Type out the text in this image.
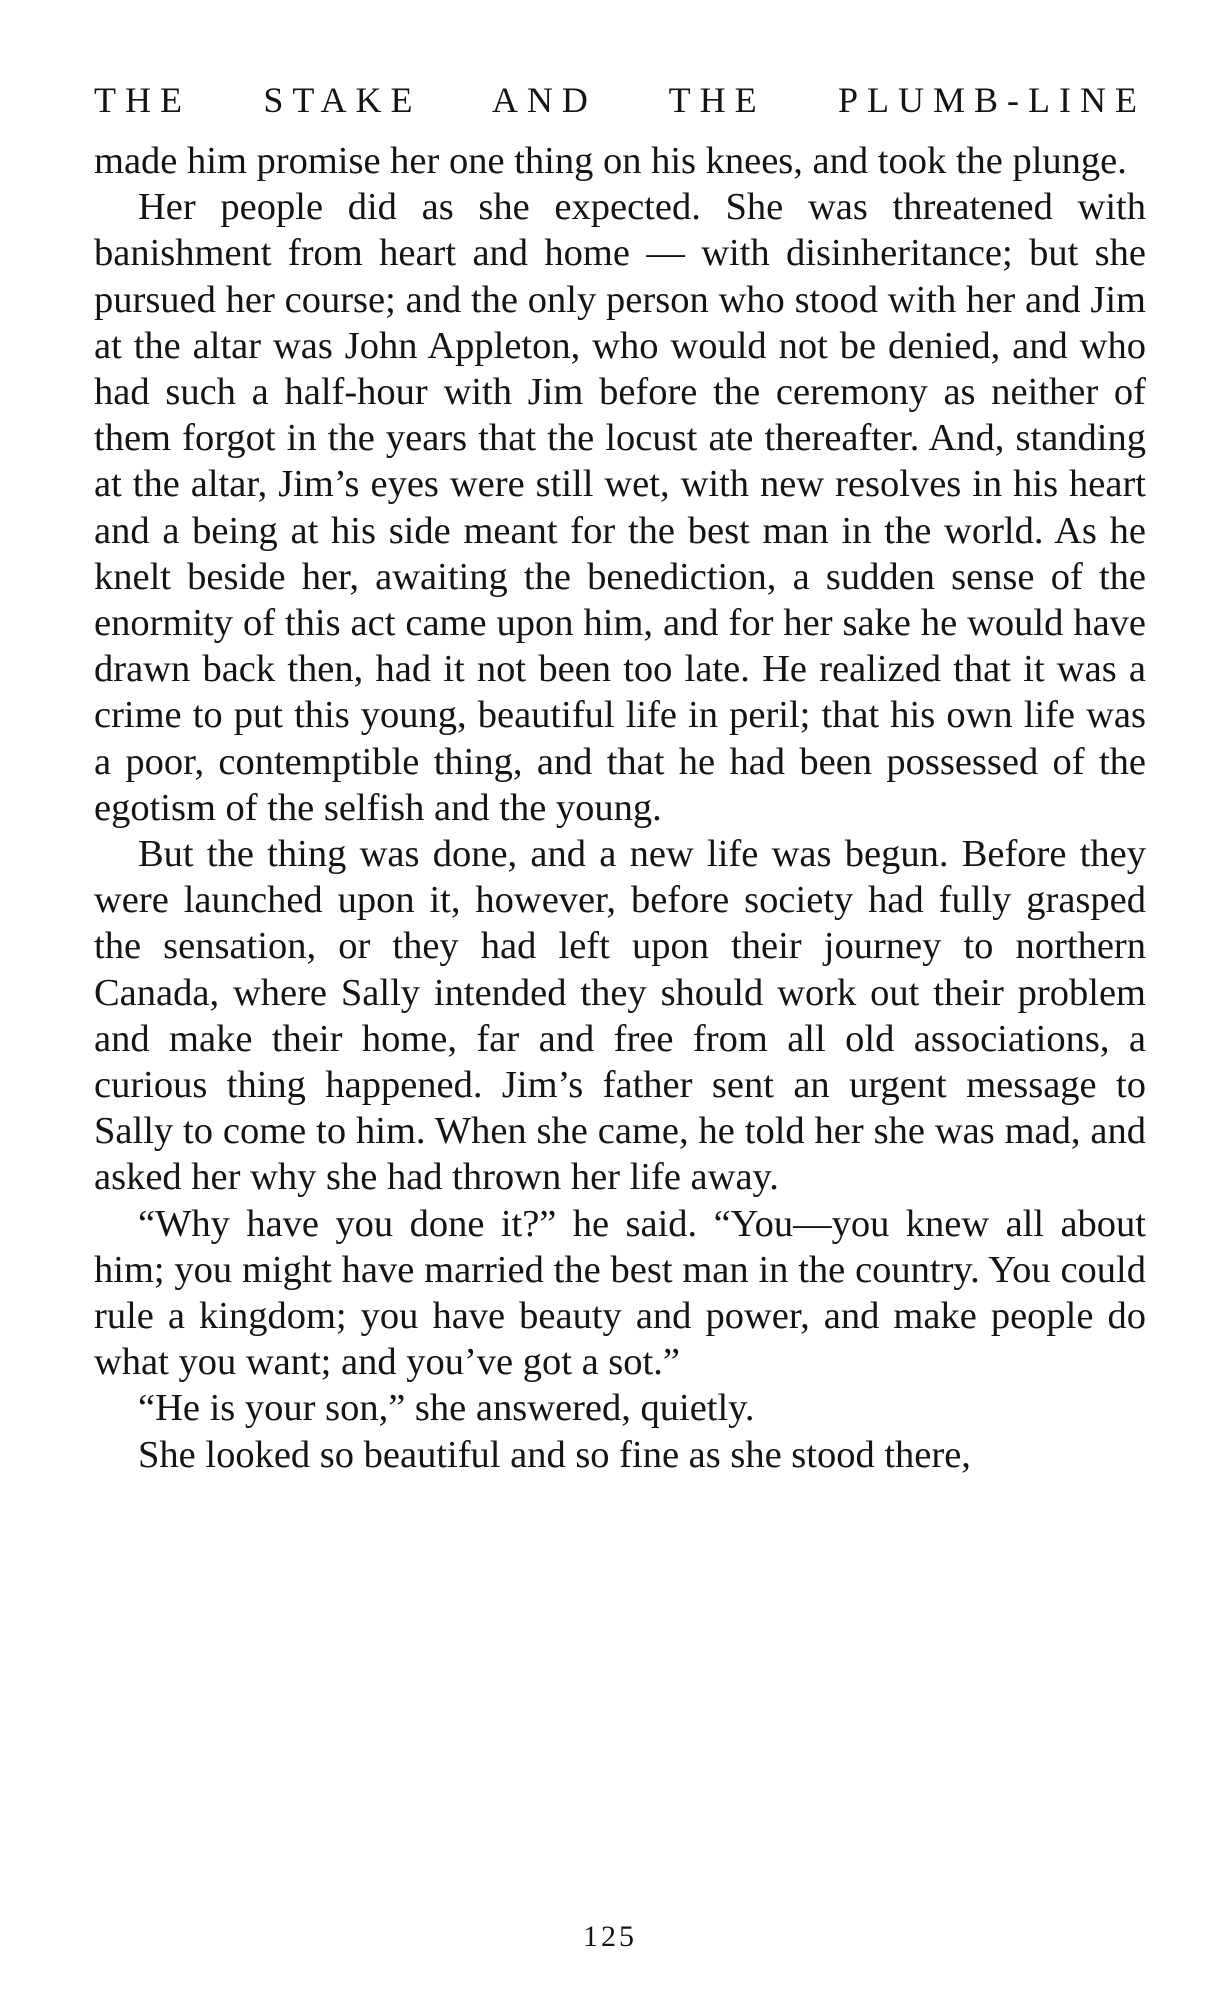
THE STAKE AND THE PLUMB-LINE

made him promise her one thing on his knees, and took the plunge.

Her people did as she expected. She was threatened with banishment from heart and home — with disinheritance; but she pursued her course; and the only person who stood with her and Jim at the altar was John Appleton, who would not be denied, and who had such a half-hour with Jim before the ceremony as neither of them forgot in the years that the locust ate thereafter. And, standing at the altar, Jim’s eyes were still wet, with new resolves in his heart and a being at his side meant for the best man in the world. As he knelt beside her, awaiting the benediction, a sudden sense of the enormity of this act came upon him, and for her sake he would have drawn back then, had it not been too late. He realized that it was a crime to put this young, beautiful life in peril; that his own life was a poor, contemptible thing, and that he had been possessed of the egotism of the selfish and the young.

But the thing was done, and a new life was begun. Before they were launched upon it, however, before society had fully grasped the sensation, or they had left upon their journey to northern Canada, where Sally intended they should work out their problem and make their home, far and free from all old associations, a curious thing happened. Jim’s father sent an urgent message to Sally to come to him. When she came, he told her she was mad, and asked her why she had thrown her life away.

“Why have you done it?” he said. “You—you knew all about him; you might have married the best man in the country. You could rule a kingdom; you have beauty and power, and make people do what you want; and you’ve got a sot.”

“He is your son,” she answered, quietly.

She looked so beautiful and so fine as she stood there,

125
